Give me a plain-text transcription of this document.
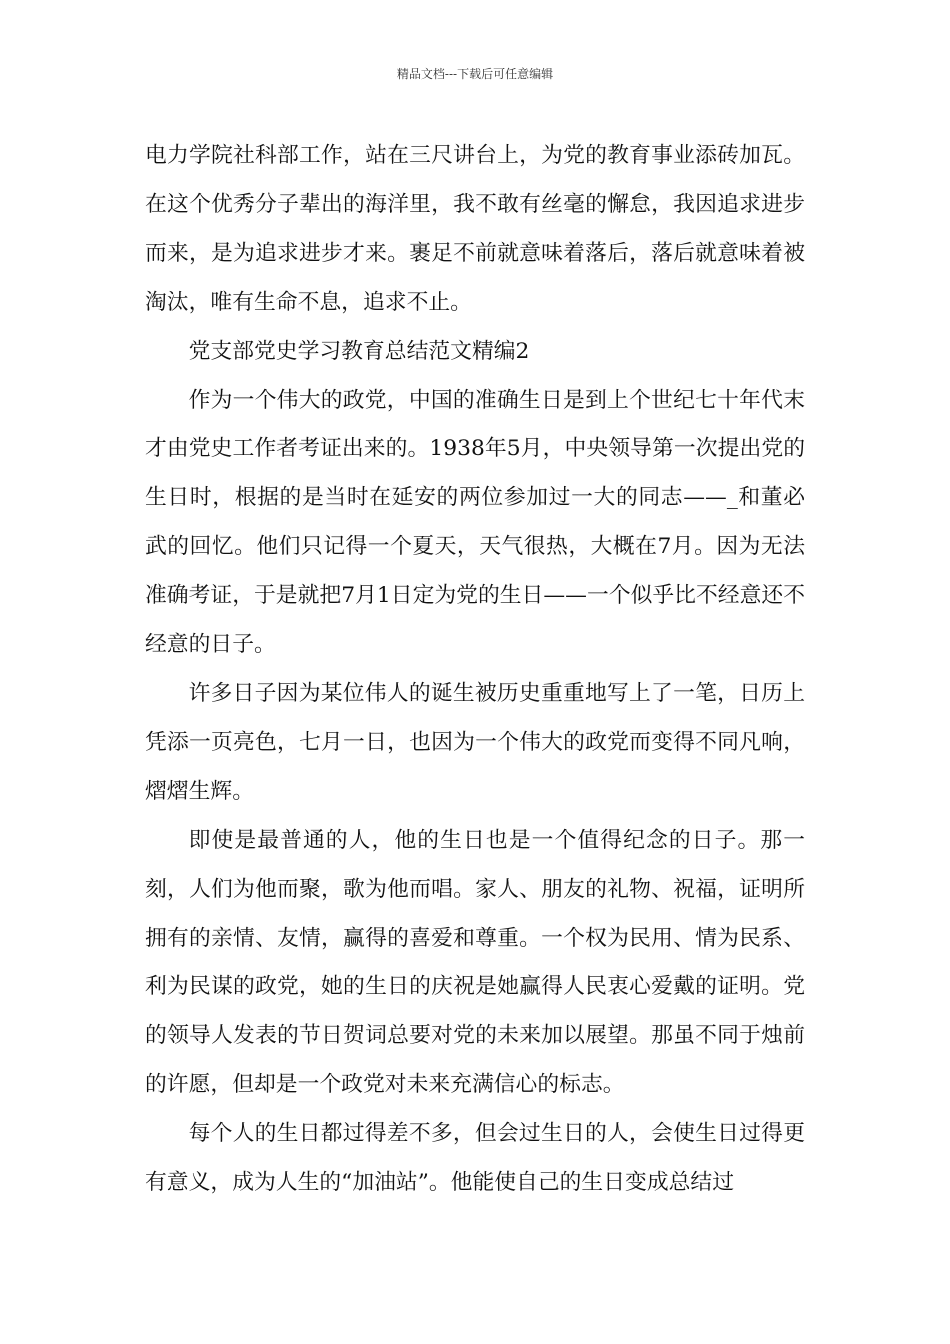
精品文档---下载后可任意编辑

电力学院社科部工作，站在三尺讲台上，为党的教育事业添砖加瓦。在这个优秀分子辈出的海洋里，我不敢有丝毫的懈怠，我因追求进步而来，是为追求进步才来。裹足不前就意味着落后，落后就意味着被淘汰，唯有生命不息，追求不止。

党支部党史学习教育总结范文精编2

作为一个伟大的政党，中国的准确生日是到上个世纪七十年代末才由党史工作者考证出来的。1938年5月，中央领导第一次提出党的生日时，根据的是当时在延安的两位参加过一大的同志——_和董必武的回忆。他们只记得一个夏天，天气很热，大概在7月。因为无法准确考证，于是就把7月1日定为党的生日——一个似乎比不经意还不经意的日子。

许多日子因为某位伟人的诞生被历史重重地写上了一笔，日历上凭添一页亮色，七月一日，也因为一个伟大的政党而变得不同凡响，熠熠生辉。

即使是最普通的人，他的生日也是一个值得纪念的日子。那一刻，人们为他而聚，歌为他而唱。家人、朋友的礼物、祝福，证明所拥有的亲情、友情，赢得的喜爱和尊重。一个权为民用、情为民系、利为民谋的政党，她的生日的庆祝是她赢得人民衷心爱戴的证明。党的领导人发表的节日贺词总要对党的未来加以展望。那虽不同于烛前的许愿，但却是一个政党对未来充满信心的标志。

每个人的生日都过得差不多，但会过生日的人，会使生日过得更有意义，成为人生的“加油站”。他能使自己的生日变成总结过
